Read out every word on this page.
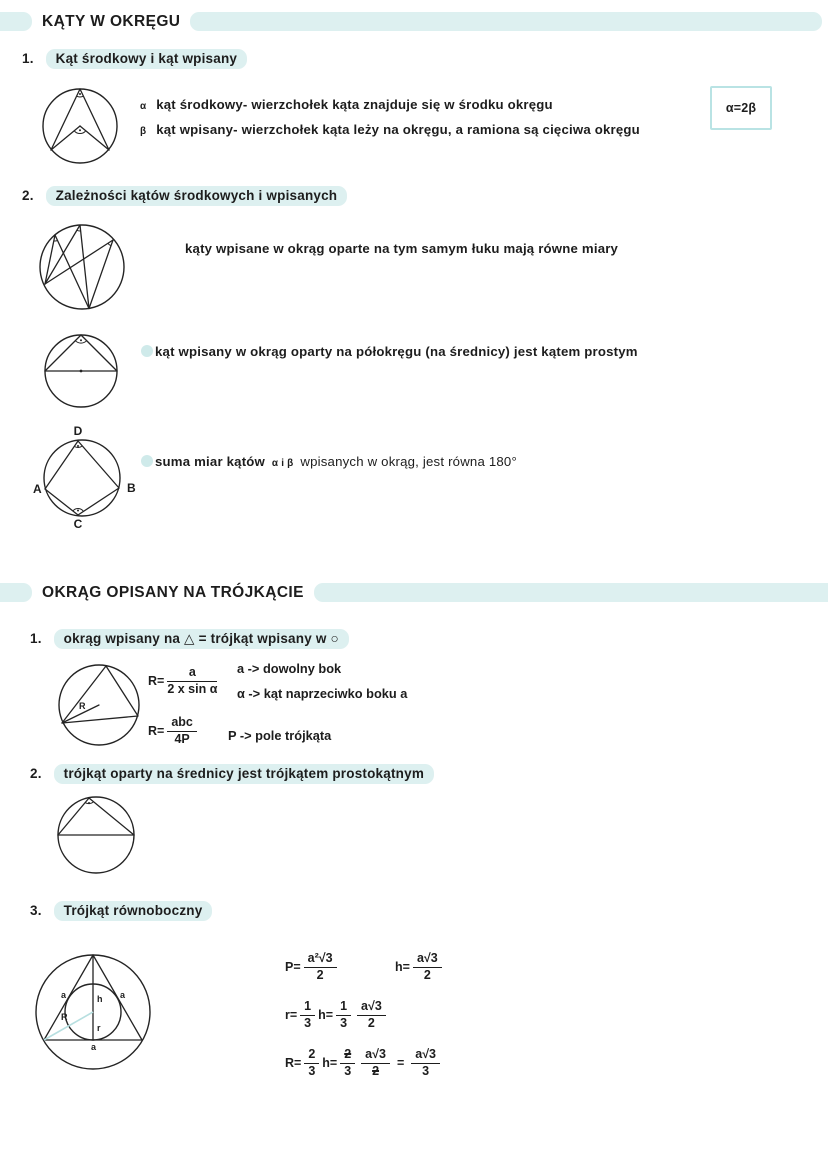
KĄTY W OKRĘGU
1. Kąt środkowy i kąt wpisany
α kąt środkowy- wierzchołek kąta znajduje się w środku okręgu
β kąt wpisany- wierzchołek kąta leży na okręgu, a ramiona są cięciwa okręgu
α=2β
2. Zależności kątów środkowych i wpisanych
kąty wpisane w okrąg oparte na tym samym łuku mają równe miary
kąt wpisany w okrąg oparty na półokręgu (na średnicy) jest kątem prostym
D
A	B
C
suma miar kątów α i β wpisanych w okrąg, jest równa 180°
OKRĄG OPISANY NA TRÓJKĄCIE
1. okrąg wpisany na △ = trójkąt wpisany w ○
R
$R= \frac{a}{\text{2 x sin α}}$ a -> dowolny bok
α -> kąt naprzeciwko boku a
$R= \frac{\text{abc}}{4P}$ P -> pole trójkąta
2. trójkąt oparty na średnicy jest trójkątem prostokątnym
3. Trójkąt równoboczny
a	h a
R
r
a
$P= \frac{\text{a²√3}}{2}$	$h= \frac{a√3}{2}$
$r= \frac{1}{3} h= \frac{1}{3} \frac{a√3}{2}$
$R= \frac{2}{3} h= \frac{2}{3} \frac{a√3}{2} = \frac{a√3}{3}$
